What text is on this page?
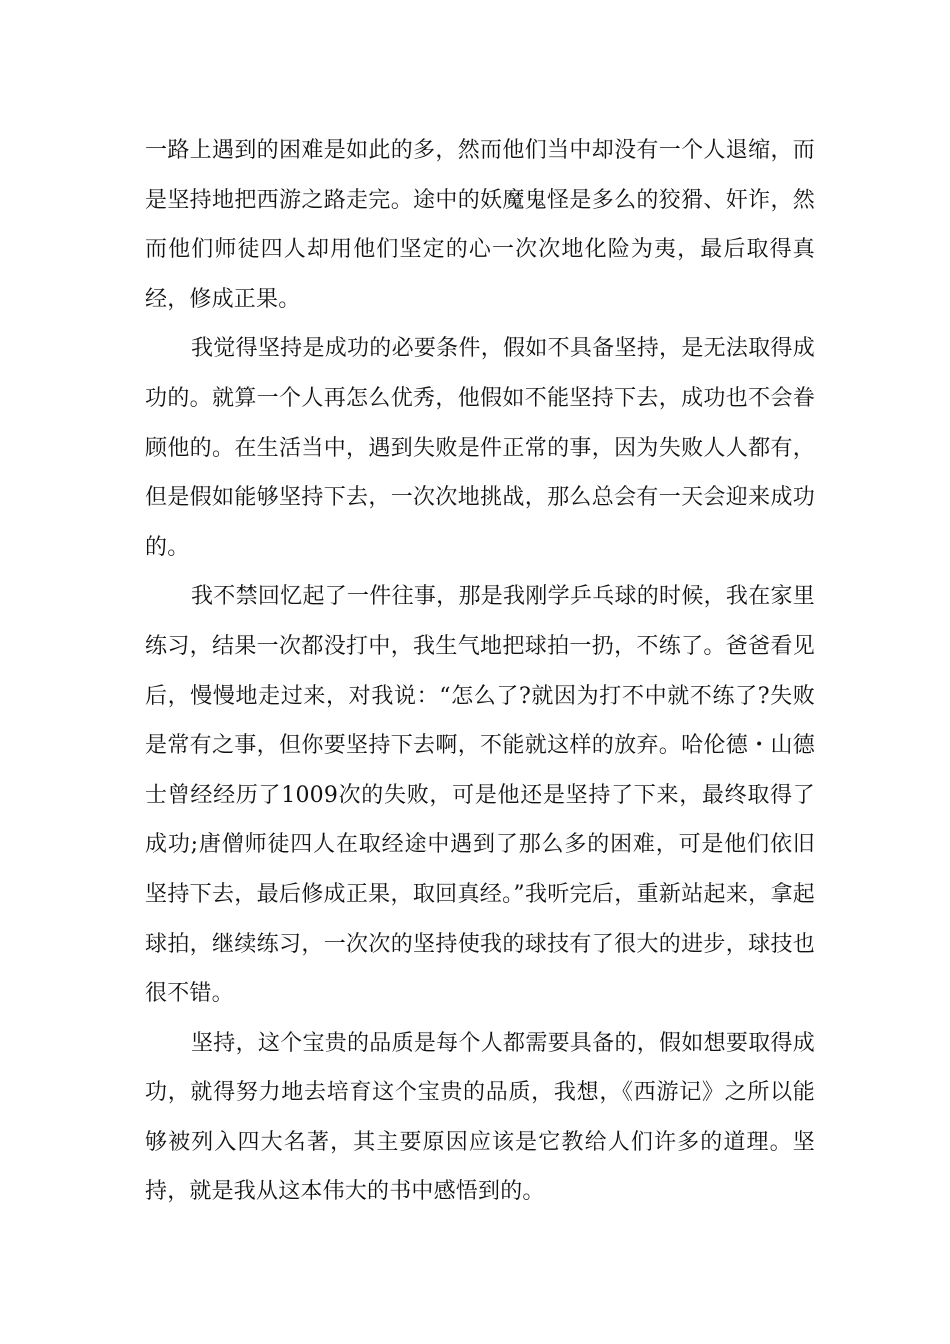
一路上遇到的困难是如此的多，然而他们当中却没有一个人退缩，而是坚持地把西游之路走完。途中的妖魔鬼怪是多么的狡猾、奸诈，然而他们师徒四人却用他们坚定的心一次次地化险为夷，最后取得真经，修成正果。

我觉得坚持是成功的必要条件，假如不具备坚持，是无法取得成功的。就算一个人再怎么优秀，他假如不能坚持下去，成功也不会眷顾他的。在生活当中，遇到失败是件正常的事，因为失败人人都有，但是假如能够坚持下去，一次次地挑战，那么总会有一天会迎来成功的。

我不禁回忆起了一件往事，那是我刚学乒乓球的时候，我在家里练习，结果一次都没打中，我生气地把球拍一扔，不练了。爸爸看见后，慢慢地走过来，对我说：“怎么了?就因为打不中就不练了?失败是常有之事，但你要坚持下去啊，不能就这样的放弃。哈伦德・山德士曾经经历了1009次的失败，可是他还是坚持了下来，最终取得了成功;唐僧师徒四人在取经途中遇到了那么多的困难，可是他们依旧坚持下去，最后修成正果，取回真经。”我听完后，重新站起来，拿起球拍，继续练习，一次次的坚持使我的球技有了很大的进步，球技也很不错。

坚持，这个宝贵的品质是每个人都需要具备的，假如想要取得成功，就得努力地去培育这个宝贵的品质，我想，《西游记》之所以能够被列入四大名著，其主要原因应该是它教给人们许多的道理。坚持，就是我从这本伟大的书中感悟到的。
